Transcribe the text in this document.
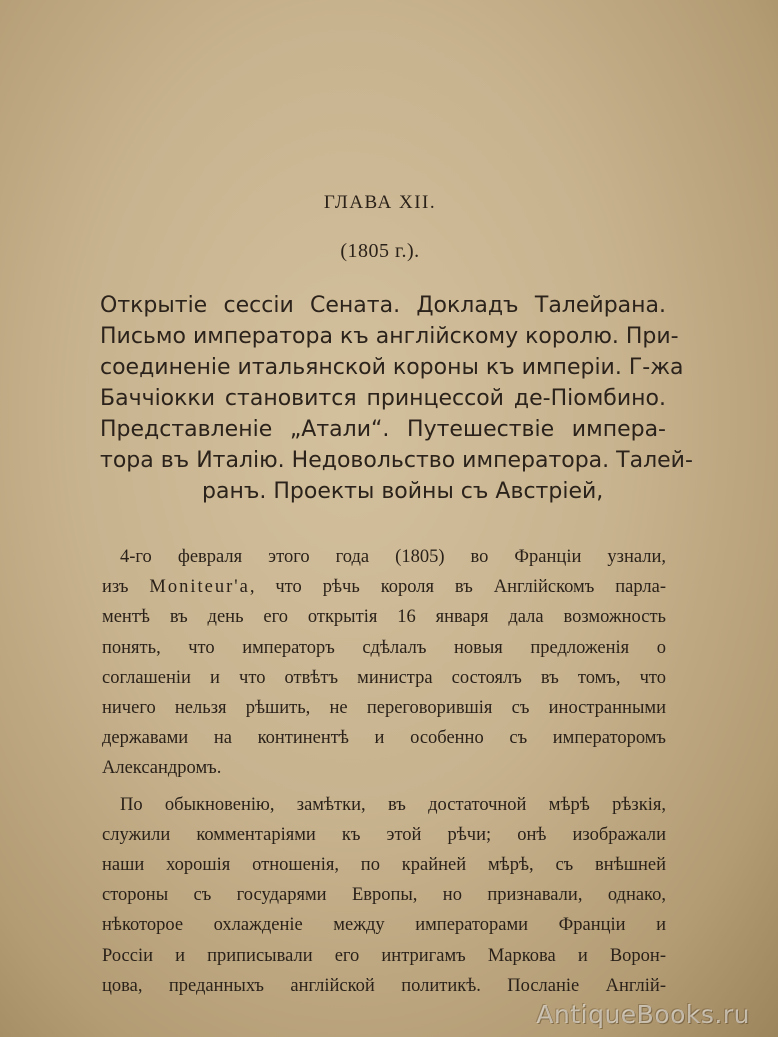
ГЛАВА XII.
(1805 г.).
Открытіе сессіи Сената. Докладъ Талейрана.
Письмо императора къ англійскому королю. При-
соединеніе итальянской короны къ имперіи. Г-жа
Баччіокки становится принцессой де-Піомбино.
Представленіе „Атали“. Путешествіе импера-
тора въ Италію. Недовольство императора. Талей-
ранъ. Проекты войны съ Австріей,
4-го февраля этого года (1805) во Франціи узнали,
изъ Moniteur'a, что рѣчь короля въ Англійскомъ парла-
ментѣ въ день его открытія 16 января дала возможность
понять, что императоръ сдѣлалъ новыя предложенія о
соглашеніи и что отвѣтъ министра состоялъ въ томъ, что
ничего нельзя рѣшить, не переговорившія съ иностранными
державами на континентѣ и особенно съ императоромъ
Александромъ.
По обыкновенію, замѣтки, въ достаточной мѣрѣ рѣзкія,
служили комментаріями къ этой рѣчи; онѣ изображали
наши хорошія отношенія, по крайней мѣрѣ, съ внѣшней
стороны съ государями Европы, но признавали, однако,
нѣкоторое охлажденіе между императорами Франціи и
Россіи и приписывали его интригамъ Маркова и Ворон-
цова, преданныхъ англійской политикѣ. Посланіе Англій-
AntiqueBooks.ru
